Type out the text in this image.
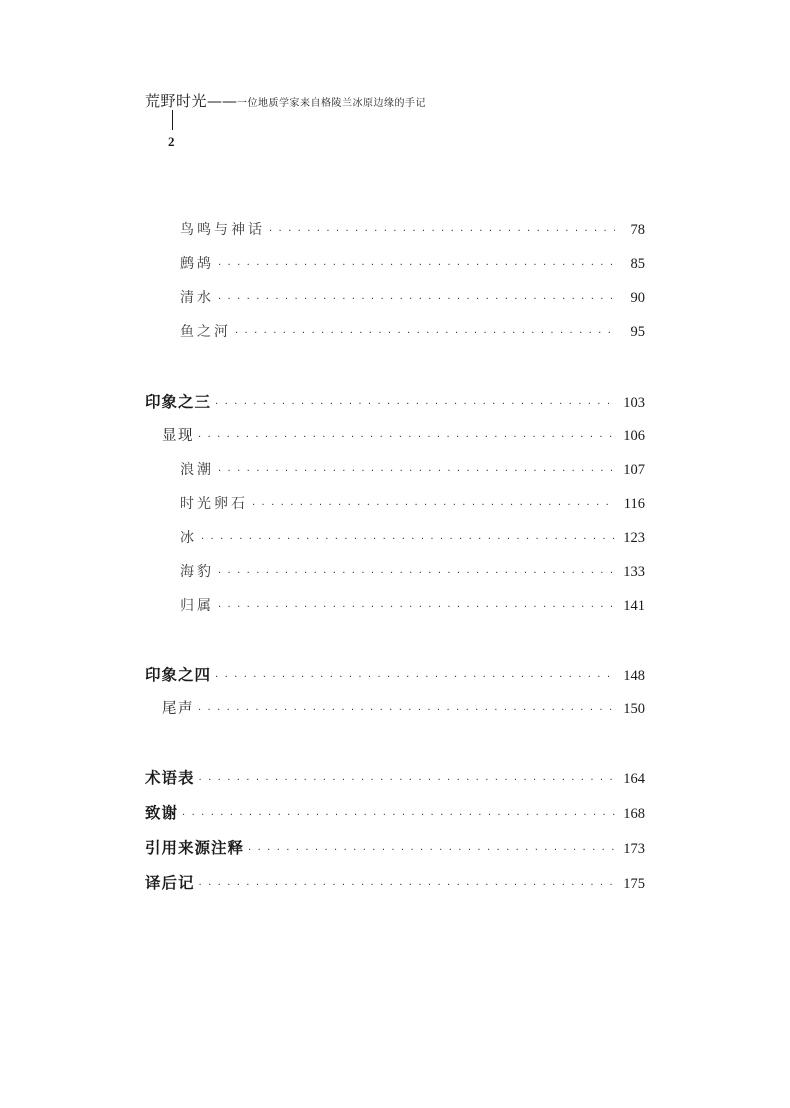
荒野时光——一位地质学家来自格陵兰冰原边缘的手记
2
鸟鸣与神话 · · ·	78
鹧鸪 · · ·	85
清水 · · ·	90
鱼之河 · · ·	95
印象之三 · · ·	103
显现 · · ·	106
浪潮 · · ·	107
时光卵石 · · ·	116
冰 · · ·	123
海豹 · · ·	133
归属 · · ·	141
印象之四 · · ·	148
尾声 · · ·	150
术语表 · · ·	164
致谢 · · ·	168
引用来源注释 · · ·	173
译后记 · · ·	175
